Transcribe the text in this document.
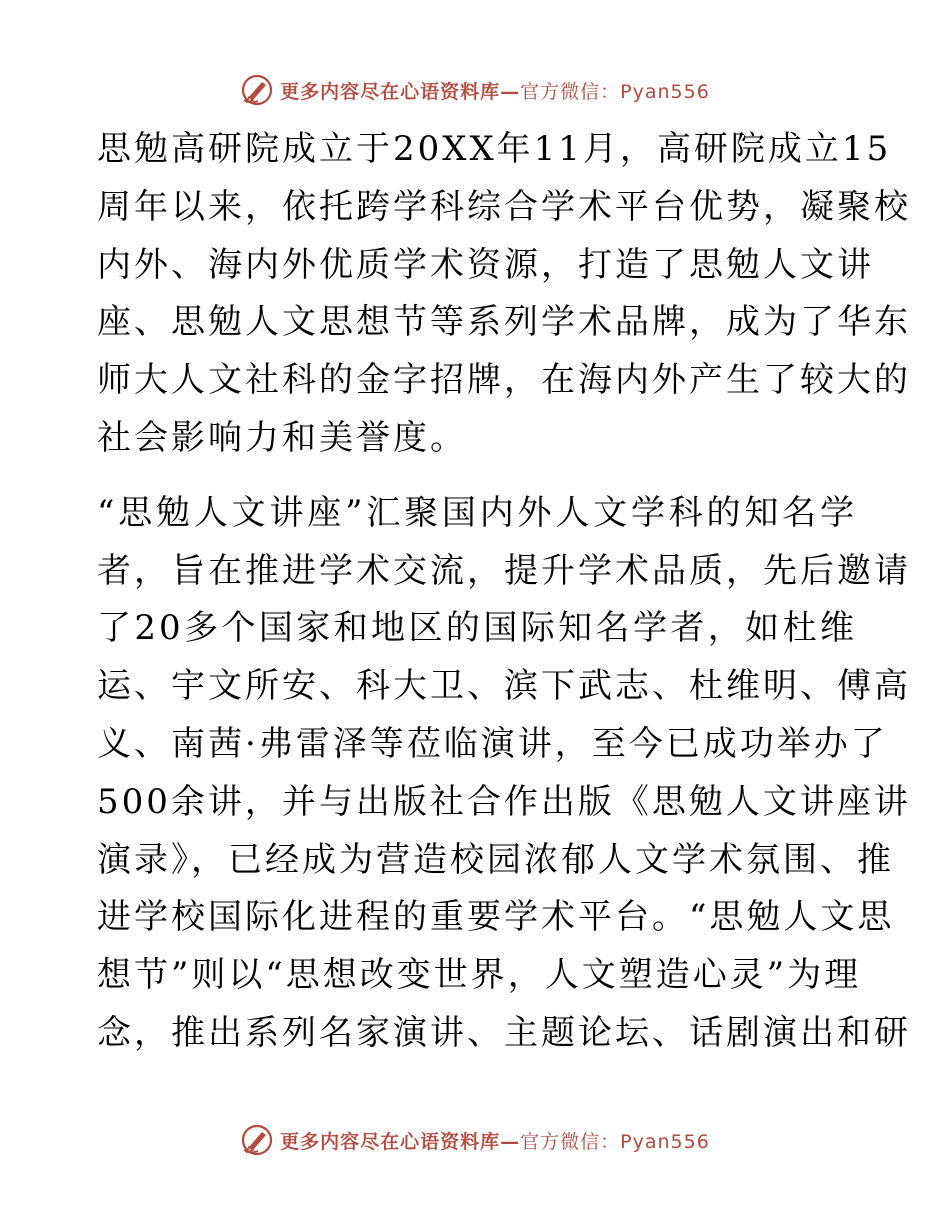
更多内容尽在心语资料库— 官方微信：Pyan556

思勉高研院成立于20XX年11月，高研院成立15
周年以来，依托跨学科综合学术平台优势，凝聚校
内外、海内外优质学术资源，打造了思勉人文讲
座、思勉人文思想节等系列学术品牌，成为了华东
师大人文社科的金字招牌，在海内外产生了较大的
社会影响力和美誉度。

“思勉人文讲座”汇聚国内外人文学科的知名学
者，旨在推进学术交流，提升学术品质，先后邀请
了20多个国家和地区的国际知名学者，如杜维
运、宇文所安、科大卫、滨下武志、杜维明、傅高
义、南茜·弗雷泽等莅临演讲，至今已成功举办了
500余讲，并与出版社合作出版《思勉人文讲座讲
演录》，已经成为营造校园浓郁人文学术氛围、推
进学校国际化进程的重要学术平台。“思勉人文思
想节”则以“思想改变世界，人文塑造心灵”为理
念，推出系列名家演讲、主题论坛、话剧演出和研

更多内容尽在心语资料库— 官方微信：Pyan556
